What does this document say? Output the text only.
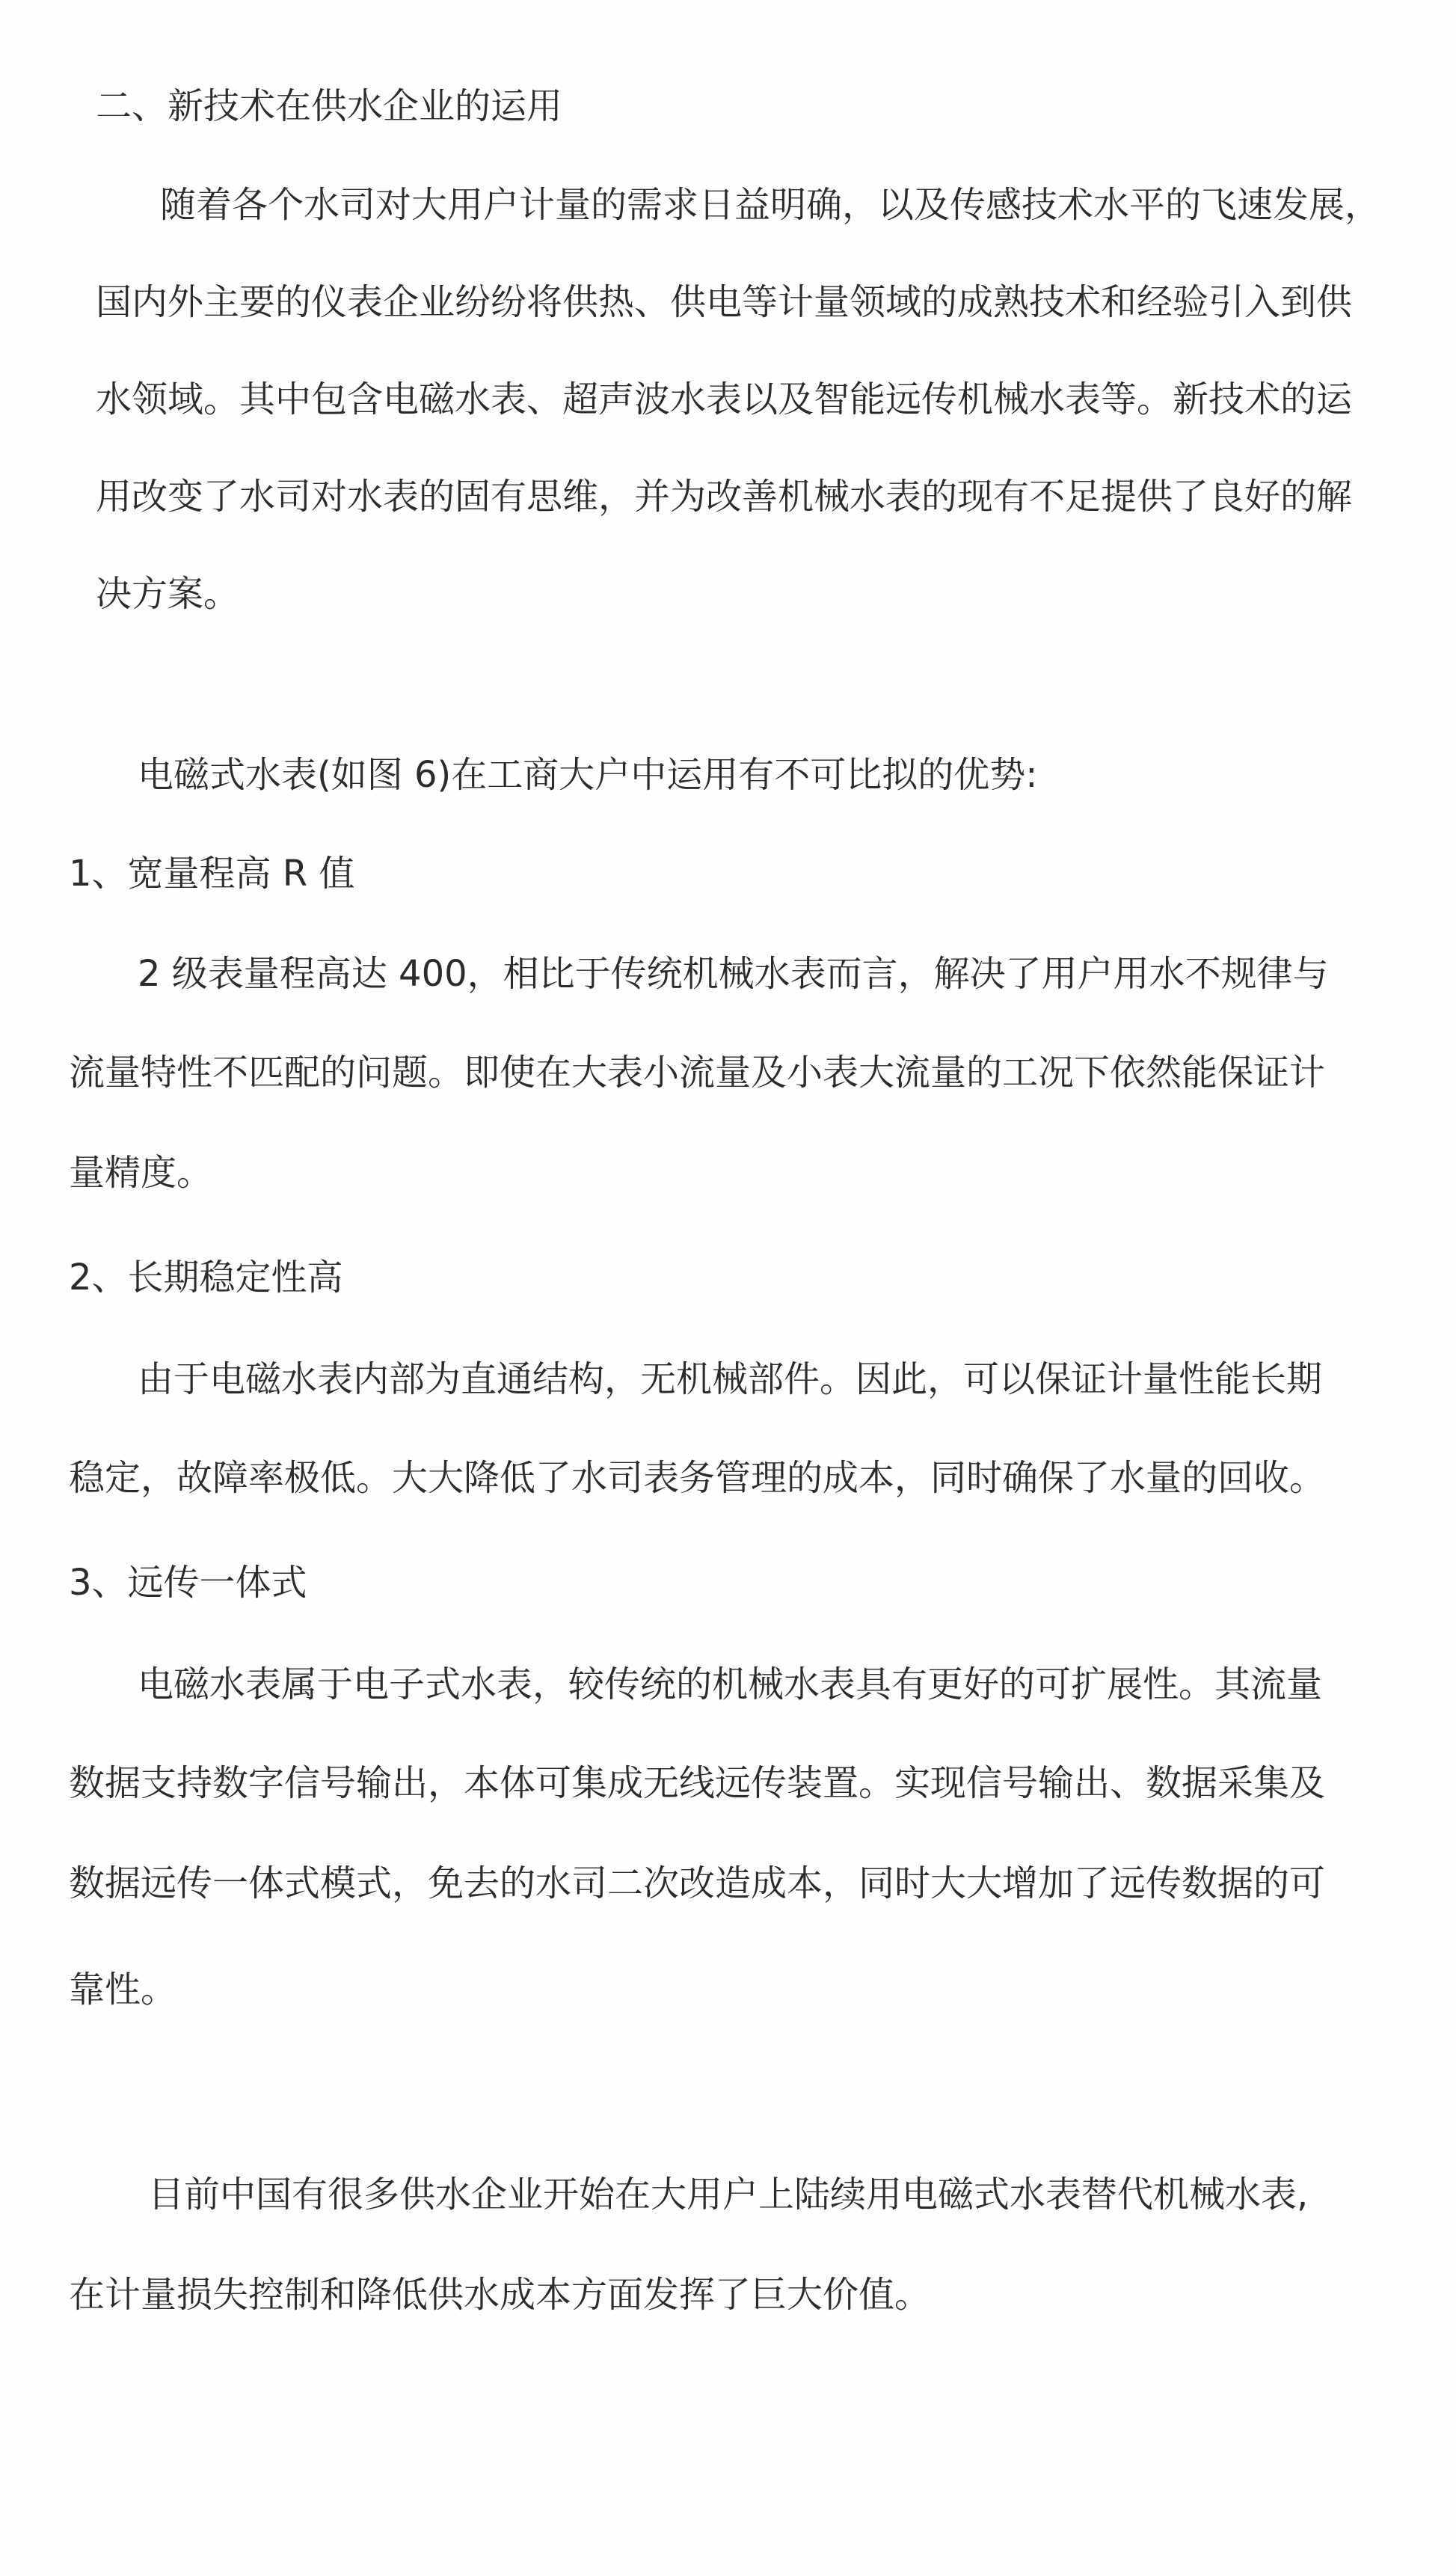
二、新技术在供水企业的运用
随着各个水司对大用户计量的需求日益明确，以及传感技术水平的飞速发展，
国内外主要的仪表企业纷纷将供热、供电等计量领域的成熟技术和经验引入到供
水领域。其中包含电磁水表、超声波水表以及智能远传机械水表等。新技术的运
用改变了水司对水表的固有思维，并为改善机械水表的现有不足提供了良好的解
决方案。
电磁式水表(如图 6)在工商大户中运用有不可比拟的优势:
1、宽量程高 R 值
2 级表量程高达 400，相比于传统机械水表而言，解决了用户用水不规律与
流量特性不匹配的问题。即使在大表小流量及小表大流量的工况下依然能保证计
量精度。
2、长期稳定性高
由于电磁水表内部为直通结构，无机械部件。因此，可以保证计量性能长期
稳定，故障率极低。大大降低了水司表务管理的成本，同时确保了水量的回收。
3、远传一体式
电磁水表属于电子式水表，较传统的机械水表具有更好的可扩展性。其流量
数据支持数字信号输出，本体可集成无线远传装置。实现信号输出、数据采集及
数据远传一体式模式，免去的水司二次改造成本，同时大大增加了远传数据的可
靠性。
目前中国有很多供水企业开始在大用户上陆续用电磁式水表替代机械水表,
在计量损失控制和降低供水成本方面发挥了巨大价值。
